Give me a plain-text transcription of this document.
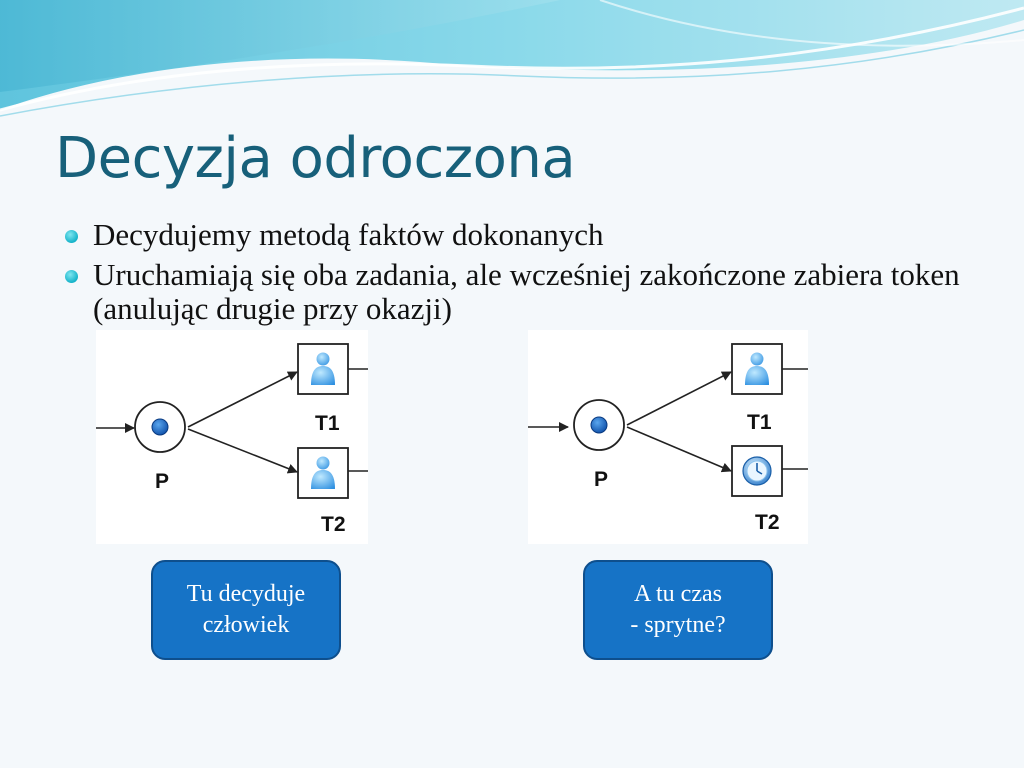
Decyzja odroczona
Decydujemy metodą faktów dokonanych
Uruchamiają się oba zadania, ale wcześniej zakończone zabiera token (anulując drugie przy okazji)
P
T1
T2
P
T1
T2
Tu decyduje
człowiek
A tu czas
- sprytne?
